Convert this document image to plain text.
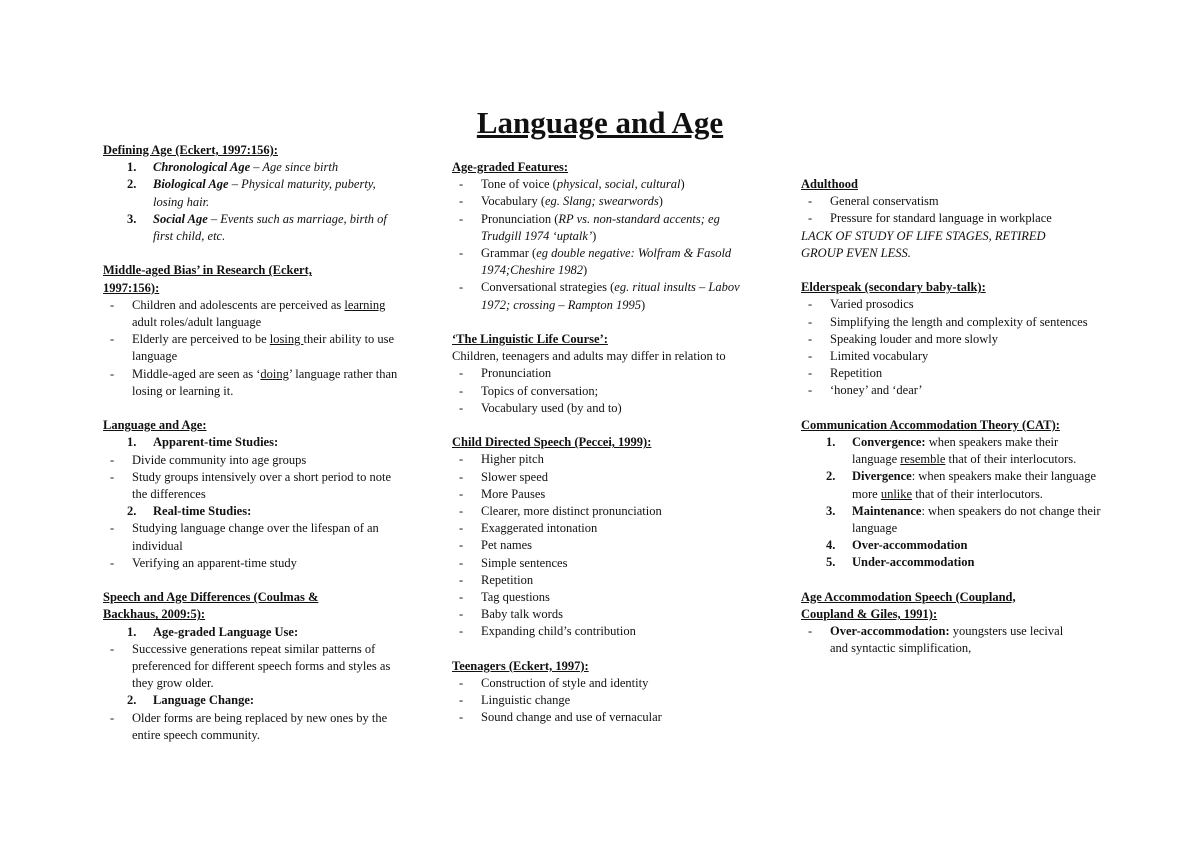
Language and Age

Defining Age (Eckert, 1997:156):

1.	Chronological Age – Age since birth
2.	Biological Age – Physical maturity, puberty, losing hair.
3.	Social Age – Events such as marriage, birth of first child, etc.

Middle-aged Bias’ in Research (Eckert, 1997:156):

-	Children and adolescents are perceived as learning adult roles/adult language
-	Elderly are perceived to be losing their ability to use language
-	Middle-aged are seen as ‘doing’ language rather than losing or learning it.

Language and Age:

1.	Apparent-time Studies:
-	Divide community into age groups
-	Study groups intensively over a short period to note the differences
2.	Real-time Studies:
-	Studying language change over the lifespan of an individual
-	Verifying an apparent-time study

Speech and Age Differences (Coulmas & Backhaus, 2009:5):

1.	Age-graded Language Use:
-	Successive generations repeat similar patterns of preferenced for different speech forms and styles as they grow older.
2.	Language Change:
-	Older forms are being replaced by new ones by the entire speech community.

Age-graded Features:

-	Tone of voice (physical, social, cultural)
-	Vocabulary (eg. Slang; swearwords)
-	Pronunciation (RP vs. non-standard accents; eg Trudgill 1974 ‘uptalk’)
-	Grammar (eg double negative: Wolfram & Fasold 1974;Cheshire 1982)
-	Conversational strategies (eg. ritual insults – Labov 1972; crossing – Rampton 1995)

‘The Linguistic Life Course’:

Children, teenagers and adults may differ in relation to

-	Pronunciation
-	Topics of conversation;
-	Vocabulary used (by and to)

Child Directed Speech (Peccei, 1999):

-	Higher pitch
-	Slower speed
-	More Pauses
-	Clearer, more distinct pronunciation
-	Exaggerated intonation
-	Pet names
-	Simple sentences
-	Repetition
-	Tag questions
-	Baby talk words
-	Expanding child’s contribution

Teenagers (Eckert, 1997):

-	Construction of style and identity
-	Linguistic change
-	Sound change and use of vernacular

Adulthood

-	General conservatism
-	Pressure for standard language in workplace

LACK OF STUDY OF LIFE STAGES, RETIRED GROUP EVEN LESS.

Elderspeak (secondary baby-talk):

-	Varied prosodics
-	Simplifying the length and complexity of sentences
-	Speaking louder and more slowly
-	Limited vocabulary
-	Repetition
-	‘honey’ and ‘dear’

Communication Accommodation Theory (CAT):

1.	Convergence: when speakers make their language resemble that of their interlocutors.
2.	Divergence: when speakers make their language more unlike that of their interlocutors.
3.	Maintenance: when speakers do not change their language
4.	Over-accommodation
5.	Under-accommodation

Age Accommodation Speech (Coupland, Coupland & Giles, 1991):

-	Over-accommodation: youngsters use lecival and syntactic simplification,
